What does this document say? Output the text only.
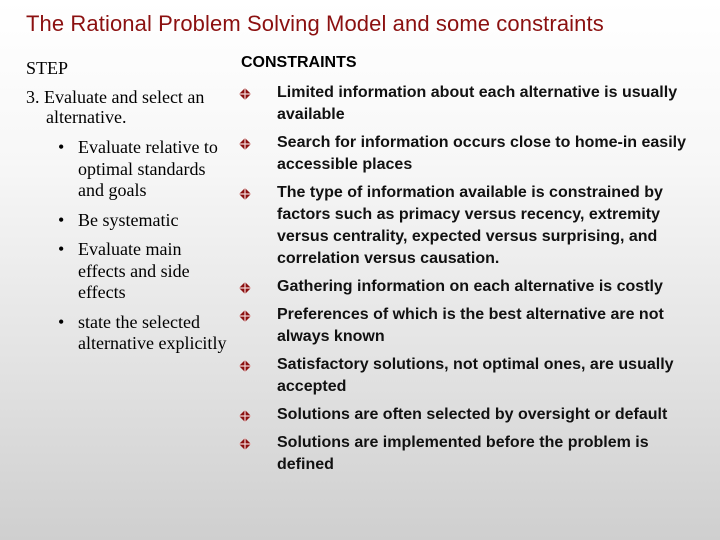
The Rational Problem Solving Model and some constraints
STEP
3. Evaluate and select an alternative.
• Evaluate relative to optimal standards and goals
• Be systematic
• Evaluate main effects and side effects
• state the selected alternative explicitly
CONSTRAINTS
Limited information about each alternative is usually available
Search for information occurs close to home-in easily accessible places
The type of information available is constrained by factors such as primacy versus recency, extremity versus centrality, expected versus surprising, and correlation versus causation.
Gathering information on each alternative is costly
Preferences of which is the best alternative are not always known
Satisfactory solutions, not optimal ones, are usually accepted
Solutions are often selected by oversight or default
Solutions are implemented before the problem is defined
